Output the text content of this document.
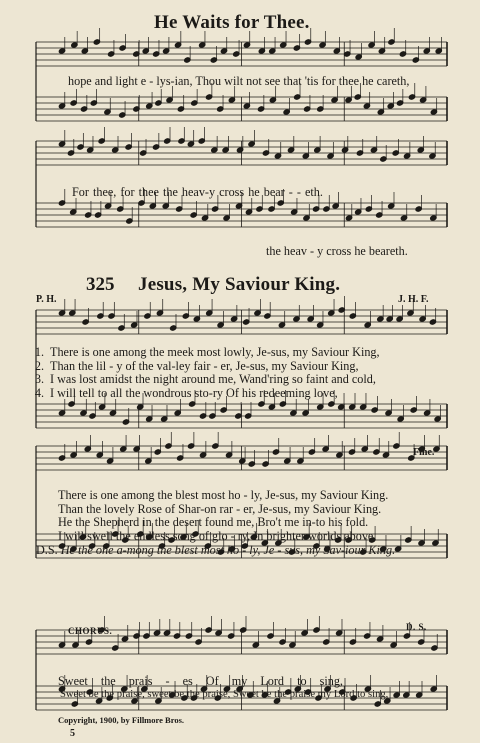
He Waits for Thee.
hope and light e - lys-ian, Thou wilt not see that 'tis for thee he careth,
For thee, for thee the heav-y cross he bear - - eth.
the heav - y cross he beareth.
325 Jesus, My Saviour King.
P. H.	J. H. F.
1. There is one among the meek most lowly, Je-sus, my Saviour King,
2. Than the lil - y of the val-ley fair - er, Je-sus, my Saviour King,
3. I was lost amidst the night around me, Wand'ring so faint and cold,
4. I will tell to all the wondrous sto-ry Of his redeeming love,
Fine.
There is one among the blest most ho - ly, Je-sus, my Saviour King.
Than the lovely Rose of Shar-on rar - er, Je-sus, my Saviour King.
He the Shepherd in the desert found me, Bro't me in-to his fold.
I will swell the endless song of glo - ry, In brighter worlds above.
D.S. He the one a-mong the blest most ho - ly, Je - sus, my Sav-iour King.
CHORUS.	D. S.
Sweet the prais - es Of my Lord to sing,
Sweet be the praise, sweet be the praise, Sweet be the praise my Lord to sing,
Copyright, 1900, by Fillmore Bros.
5
